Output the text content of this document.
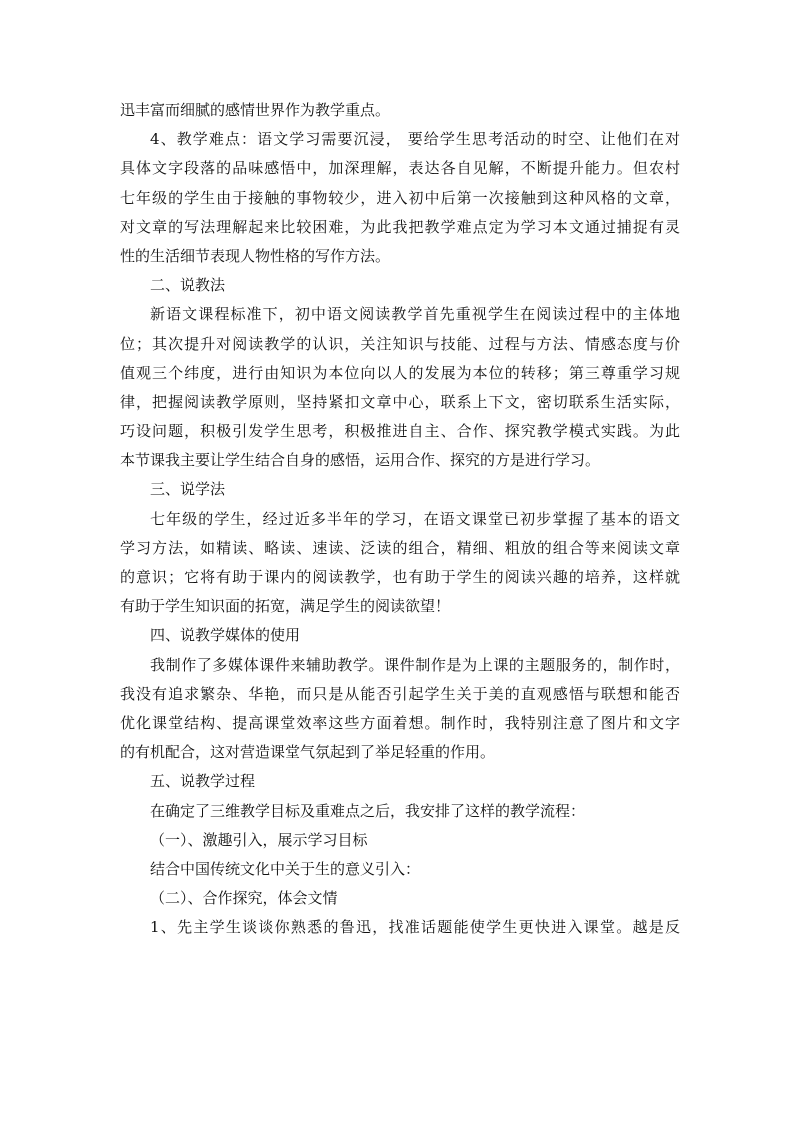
迅丰富而细腻的感情世界作为教学重点。
4、教学难点：语文学习需要沉浸， 要给学生思考活动的时空、让他们在对
具体文字段落的品味感悟中，加深理解，表达各自见解，不断提升能力。但农村
七年级的学生由于接触的事物较少，进入初中后第一次接触到这种风格的文章，
对文章的写法理解起来比较困难，为此我把教学难点定为学习本文通过捕捉有灵
性的生活细节表现人物性格的写作方法。
二、说教法
新语文课程标准下，初中语文阅读教学首先重视学生在阅读过程中的主体地
位；其次提升对阅读教学的认识，关注知识与技能、过程与方法、情感态度与价
值观三个纬度，进行由知识为本位向以人的发展为本位的转移；第三尊重学习规
律，把握阅读教学原则，坚持紧扣文章中心，联系上下文，密切联系生活实际，
巧设问题，积极引发学生思考，积极推进自主、合作、探究教学模式实践。为此
本节课我主要让学生结合自身的感悟，运用合作、探究的方是进行学习。
三、说学法
七年级的学生，经过近多半年的学习，在语文课堂已初步掌握了基本的语文
学习方法，如精读、略读、速读、泛读的组合，精细、粗放的组合等来阅读文章
的意识；它将有助于课内的阅读教学，也有助于学生的阅读兴趣的培养，这样就
有助于学生知识面的拓宽，满足学生的阅读欲望！
四、说教学媒体的使用
我制作了多媒体课件来辅助教学。课件制作是为上课的主题服务的，制作时，
我没有追求繁杂、华艳，而只是从能否引起学生关于美的直观感悟与联想和能否
优化课堂结构、提高课堂效率这些方面着想。制作时，我特别注意了图片和文字
的有机配合，这对营造课堂气氛起到了举足轻重的作用。
五、说教学过程
在确定了三维教学目标及重难点之后，我安排了这样的教学流程：
（一）、激趣引入，展示学习目标
结合中国传统文化中关于生的意义引入：
（二）、合作探究，体会文情
1、先主学生谈谈你熟悉的鲁迅，找准话题能使学生更快进入课堂。越是反
